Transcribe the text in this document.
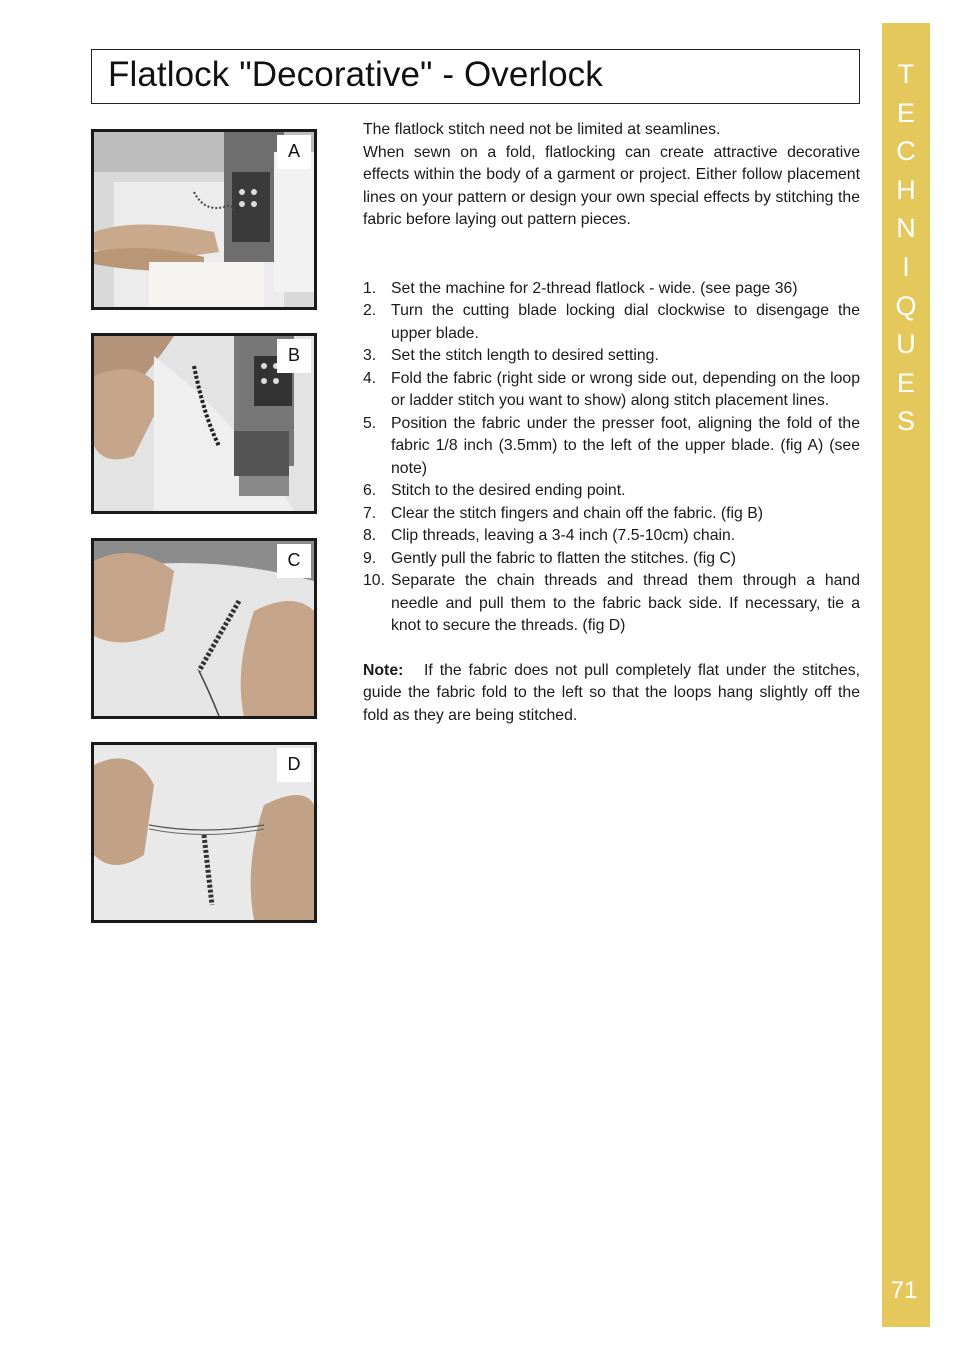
Flatlock "Decorative" - Overlock	T
E
C
H
N
I
Q
U
E
S
71
A
B
C
D

The flatlock stitch need not be limited at seamlines.

When sewn on a fold, flatlocking can create attractive decorative effects within the body of a garment or project. Either follow placement lines on your pattern or design your own special effects by stitching the fabric before laying out pattern pieces.

1. Set the machine for 2-thread flatlock - wide. (see page 36)
2. Turn the cutting blade locking dial clockwise to disengage the upper blade.
3. Set the stitch length to desired setting.
4. Fold the fabric (right side or wrong side out, depending on the loop or ladder stitch you want to show) along stitch placement lines.
5. Position the fabric under the presser foot, aligning the fold of the fabric 1/8 inch (3.5mm) to the left of the upper blade. (fig A) (see note)
6. Stitch to the desired ending point.
7. Clear the stitch fingers and chain off the fabric. (fig B)
8. Clip threads, leaving a 3-4 inch (7.5-10cm) chain.
9. Gently pull the fabric to flatten the stitches. (fig C)
10. Separate the chain threads and thread them through a hand needle and pull them to the fabric back side. If necessary, tie a knot to secure the threads. (fig D)

Note: If the fabric does not pull completely flat under the stitches, guide the fabric fold to the left so that the loops hang slightly off the fold as they are being stitched.
